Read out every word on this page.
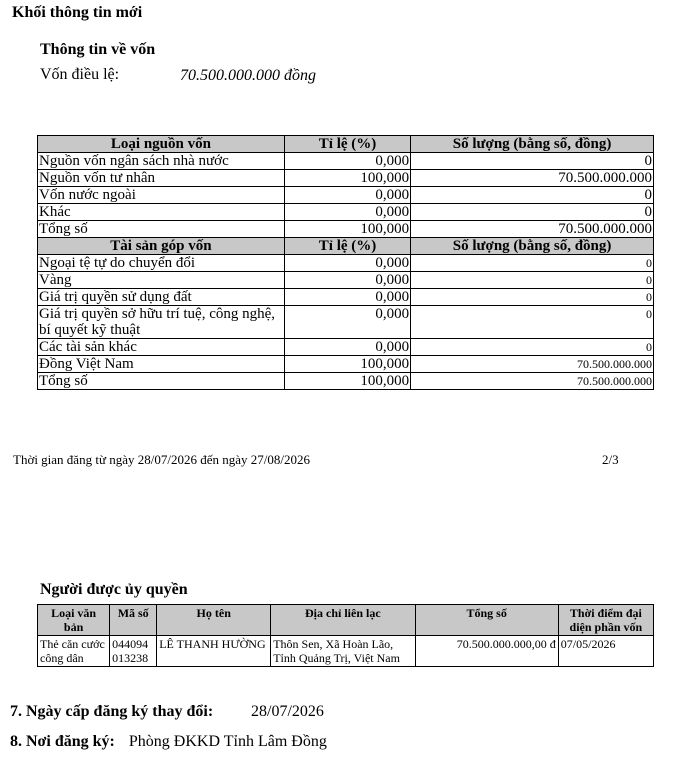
Khối thông tin mới
Thông tin về vốn
Vốn điều lệ:	70.500.000.000 đồng
Loại nguồn vốn	Tỉ lệ (%)	Số lượng (bằng số, đồng)
Nguồn vốn ngân sách nhà nước	0,000	0
Nguồn vốn tư nhân	100,000	70.500.000.000
Vốn nước ngoài	0,000	0
Khác	0,000	0
Tổng số	100,000	70.500.000.000
Tài sản góp vốn	Tỉ lệ (%)	Số lượng (bằng số, đồng)
Ngoại tệ tự do chuyển đổi	0,000	0
Vàng	0,000	0
Giá trị quyền sử dụng đất	0,000	0
Giá trị quyền sở hữu trí tuệ, công nghệ, bí quyết kỹ thuật	0,000	0
Các tài sản khác	0,000	0
Đồng Việt Nam	100,000	70.500.000.000
Tổng số	100,000	70.500.000.000
Thời gian đăng từ ngày 28/07/2026 đến ngày 27/08/2026	2/3
Người được ủy quyền
Loại văn bản	Mã số	Họ tên	Địa chỉ liên lạc	Tổng số	Thời điểm đại diện phần vốn
Thẻ căn cước công dân	044094 013238	LÊ THANH HƯỜNG	Thôn Sen, Xã Hoàn Lão, Tỉnh Quảng Trị, Việt Nam	70.500.000.000,00 đ	07/05/2026
7. Ngày cấp đăng ký thay đổi: 28/07/2026
8. Nơi đăng ký: Phòng ĐKKD Tỉnh Lâm Đồng
